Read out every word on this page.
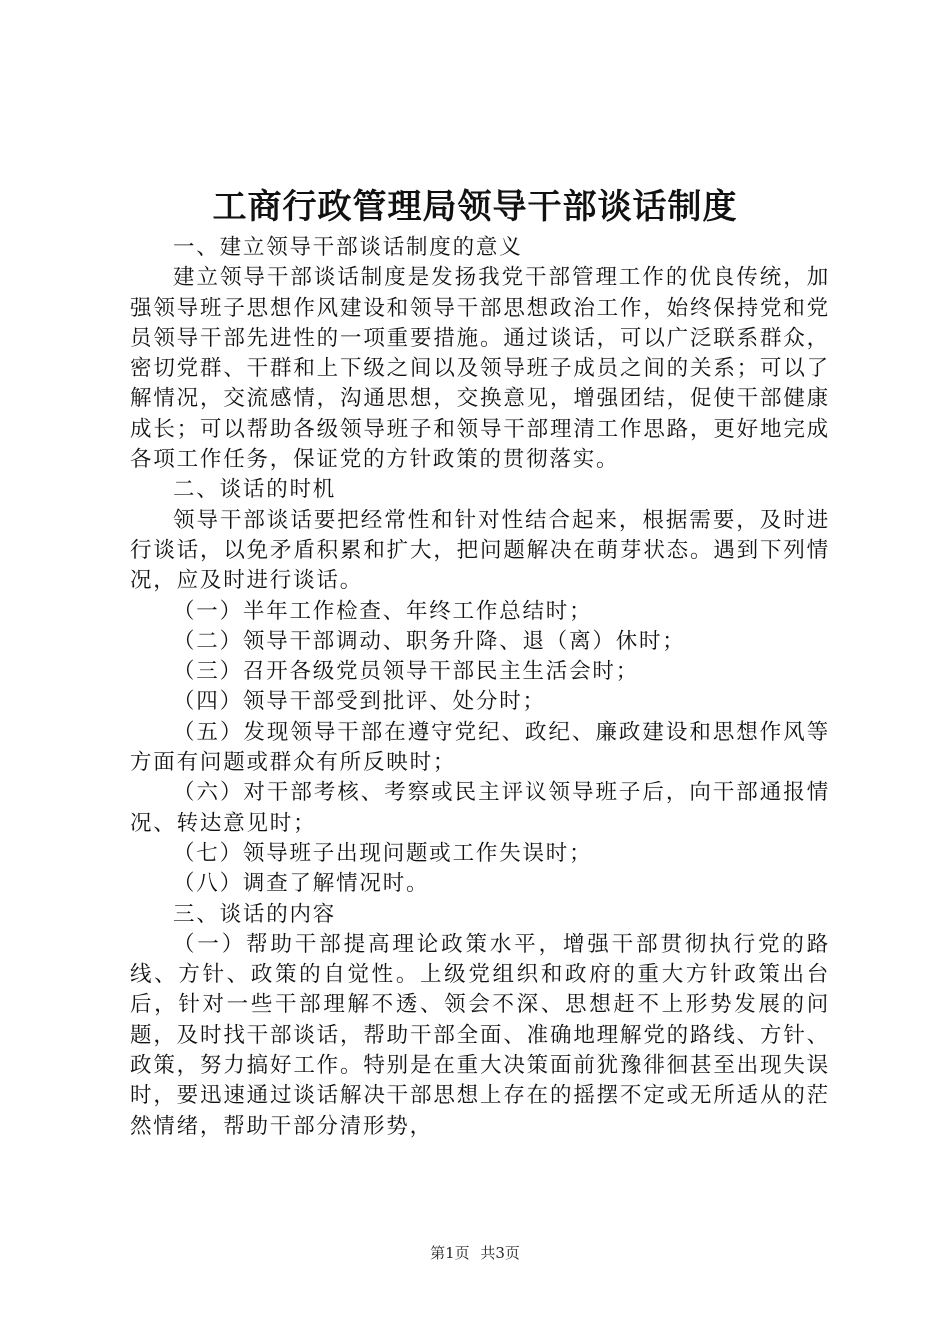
工商行政管理局领导干部谈话制度

一、建立领导干部谈话制度的意义

建立领导干部谈话制度是发扬我党干部管理工作的优良传统，加强领导班子思想作风建设和领导干部思想政治工作，始终保持党和党员领导干部先进性的一项重要措施。通过谈话，可以广泛联系群众，密切党群、干群和上下级之间以及领导班子成员之间的关系；可以了解情况，交流感情，沟通思想，交换意见，增强团结，促使干部健康成长；可以帮助各级领导班子和领导干部理清工作思路，更好地完成各项工作任务，保证党的方针政策的贯彻落实。

二、谈话的时机

领导干部谈话要把经常性和针对性结合起来，根据需要，及时进行谈话，以免矛盾积累和扩大，把问题解决在萌芽状态。遇到下列情况，应及时进行谈话。

（一）半年工作检查、年终工作总结时；

（二）领导干部调动、职务升降、退（离）休时；

（三）召开各级党员领导干部民主生活会时；

（四）领导干部受到批评、处分时；

（五）发现领导干部在遵守党纪、政纪、廉政建设和思想作风等方面有问题或群众有所反映时；

（六）对干部考核、考察或民主评议领导班子后，向干部通报情况、转达意见时；

（七）领导班子出现问题或工作失误时；

（八）调查了解情况时。

三、谈话的内容

（一）帮助干部提高理论政策水平，增强干部贯彻执行党的路线、方针、政策的自觉性。上级党组织和政府的重大方针政策出台后，针对一些干部理解不透、领会不深、思想赶不上形势发展的问题，及时找干部谈话，帮助干部全面、准确地理解党的路线、方针、政策，努力搞好工作。特别是在重大决策面前犹豫徘徊甚至出现失误时，要迅速通过谈话解决干部思想上存在的摇摆不定或无所适从的茫然情绪，帮助干部分清形势，

第1页 共3页
